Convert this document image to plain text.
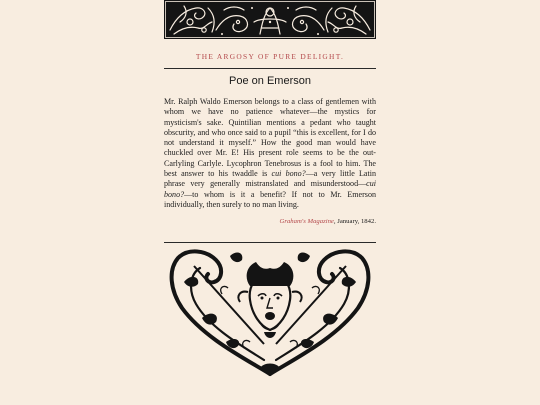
THE ARGOSY OF PURE DELIGHT.
Poe on Emerson

Mr. Ralph Waldo Emerson belongs to a class of gentlemen with whom we have no patience whatever—the mystics for mysticism's sake. Quintilian mentions a pedant who taught obscurity, and who once said to a pupil “this is excellent, for I do not understand it myself.” How the good man would have chuckled over Mr. E! His present role seems to be the out-Carlyling Carlyle. Lycophron Tenebrosus is a fool to him. The best answer to his twaddle is cui bono?—a very little Latin phrase very generally mistranslated and misunderstood—cui bono?—to whom is it a benefit? If not to Mr. Emerson individually, then surely to no man living.

Graham's Magazine, January, 1842.
